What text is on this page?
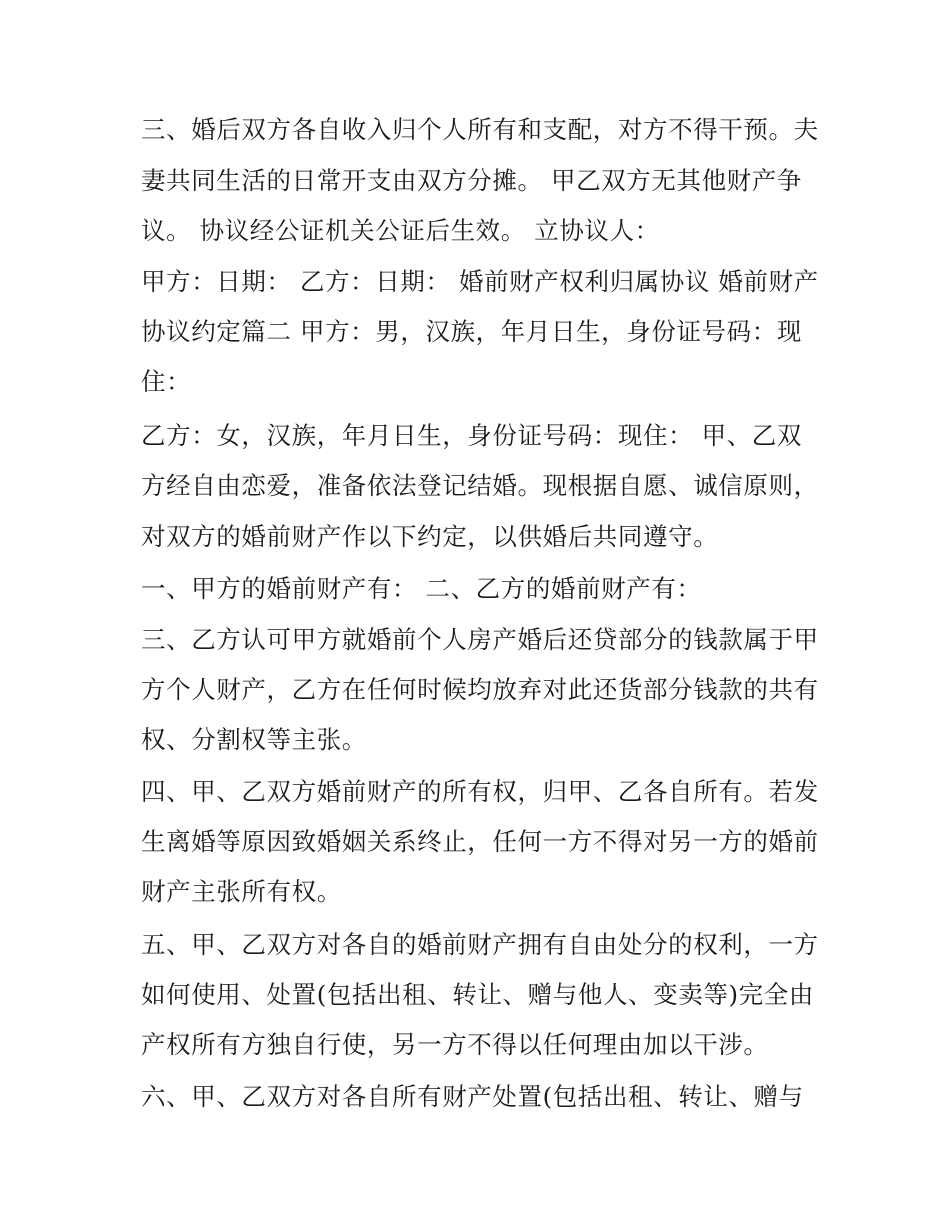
三、婚后双方各自收入归个人所有和支配，对方不得干预。夫
妻共同生活的日常开支由双方分摊。 甲乙双方无其他财产争
议。 协议经公证机关公证后生效。 立协议人：
甲方：日期： 乙方：日期： 婚前财产权利归属协议 婚前财产
协议约定篇二 甲方：男，汉族，年月日生，身份证号码：现
住：
乙方：女，汉族，年月日生，身份证号码：现住： 甲、乙双
方经自由恋爱，准备依法登记结婚。现根据自愿、诚信原则，
对双方的婚前财产作以下约定，以供婚后共同遵守。
一、甲方的婚前财产有： 二、乙方的婚前财产有：
三、乙方认可甲方就婚前个人房产婚后还贷部分的钱款属于甲
方个人财产，乙方在任何时候均放弃对此还货部分钱款的共有
权、分割权等主张。
四、甲、乙双方婚前财产的所有权，归甲、乙各自所有。若发
生离婚等原因致婚姻关系终止，任何一方不得对另一方的婚前
财产主张所有权。
五、甲、乙双方对各自的婚前财产拥有自由处分的权利，一方
如何使用、处置(包括出租、转让、赠与他人、变卖等)完全由
产权所有方独自行使，另一方不得以任何理由加以干涉。
六、甲、乙双方对各自所有财产处置(包括出租、转让、赠与
